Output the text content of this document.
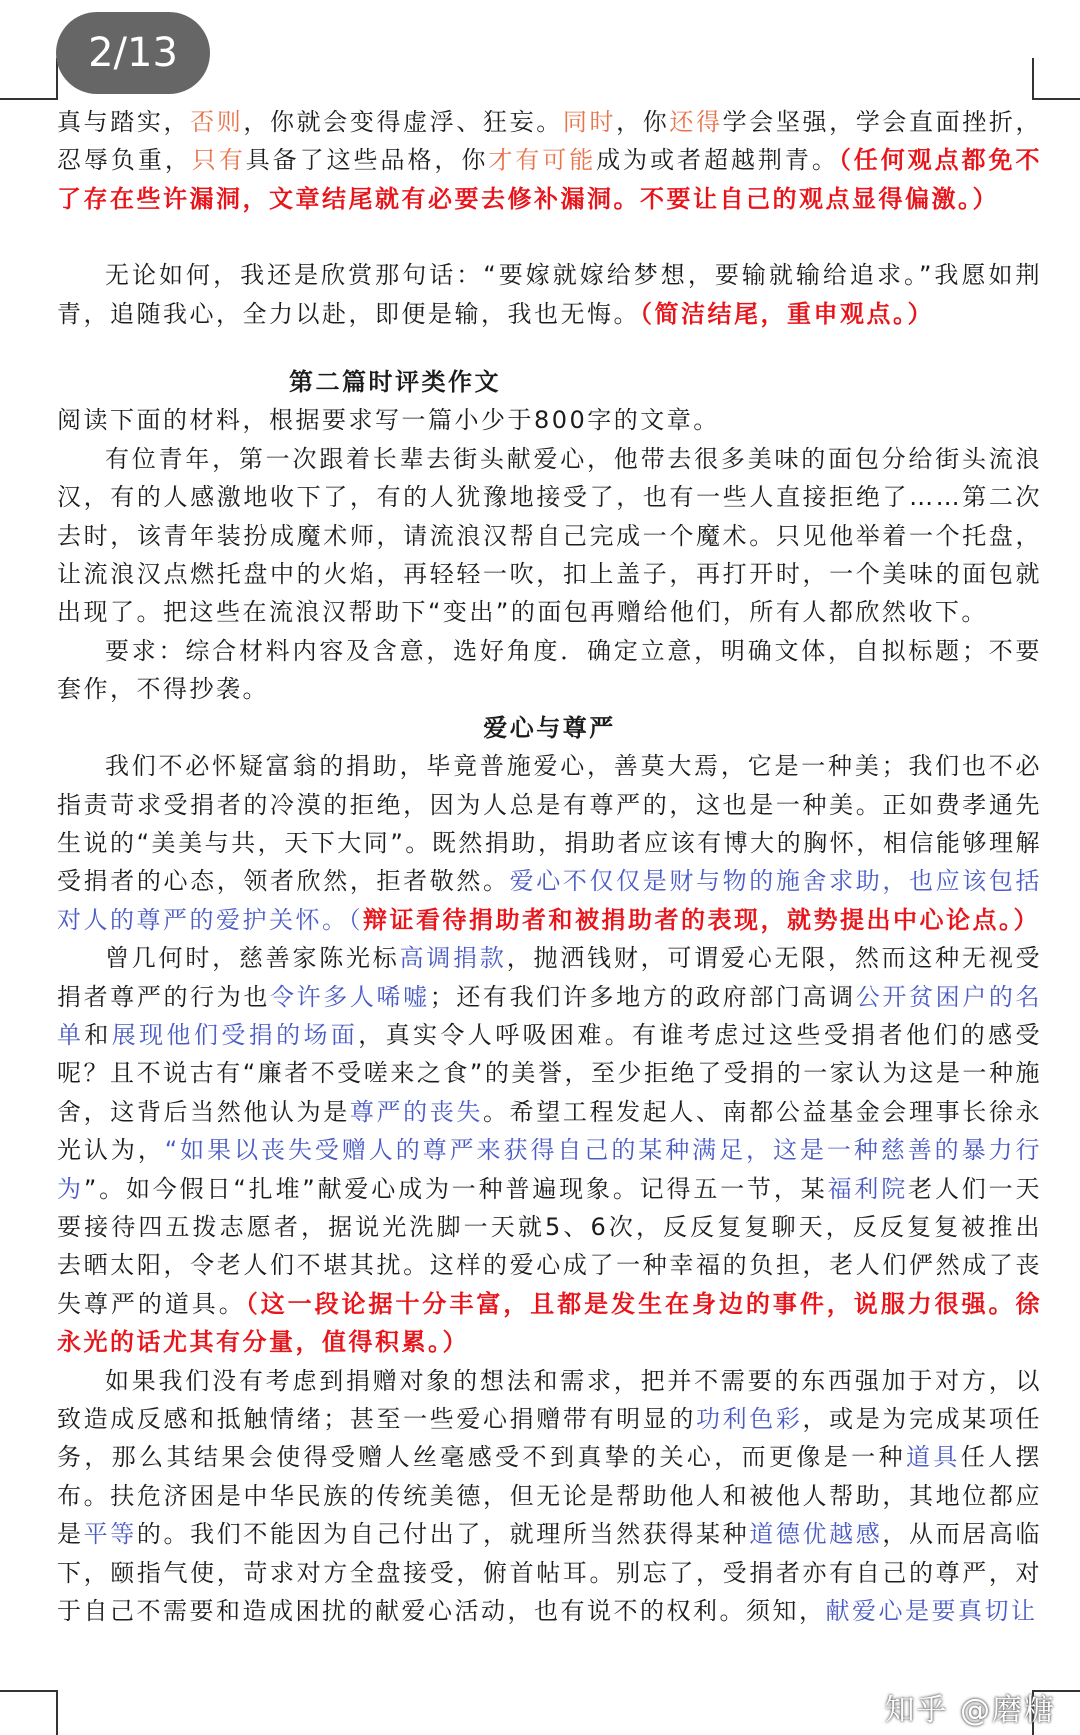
2/13

真与踏实，否则，你就会变得虚浮、狂妄。同时，你还得学会坚强，学会直面挫折，忍辱负重，只有具备了这些品格，你才有可能成为或者超越荆青。（任何观点都免不了存在些许漏洞，文章结尾就有必要去修补漏洞。不要让自己的观点显得偏激。）

无论如何，我还是欣赏那句话：“要嫁就嫁给梦想，要输就输给追求。”我愿如荆青，追随我心，全力以赴，即便是输，我也无悔。（简洁结尾，重申观点。）

第二篇时评类作文

阅读下面的材料，根据要求写一篇小少于800字的文章。

有位青年，第一次跟着长辈去街头献爱心，他带去很多美味的面包分给街头流浪汉，有的人感激地收下了，有的人犹豫地接受了，也有一些人直接拒绝了……第二次去时，该青年装扮成魔术师，请流浪汉帮自己完成一个魔术。只见他举着一个托盘，让流浪汉点燃托盘中的火焰，再轻轻一吹，扣上盖子，再打开时，一个美味的面包就出现了。把这些在流浪汉帮助下“变出”的面包再赠给他们，所有人都欣然收下。

要求：综合材料内容及含意，选好角度．确定立意，明确文体，自拟标题；不要套作，不得抄袭。

爱心与尊严

我们不必怀疑富翁的捐助，毕竟普施爱心，善莫大焉，它是一种美；我们也不必指责苛求受捐者的冷漠的拒绝，因为人总是有尊严的，这也是一种美。正如费孝通先生说的“美美与共，天下大同”。既然捐助，捐助者应该有博大的胸怀，相信能够理解受捐者的心态，领者欣然，拒者敬然。爱心不仅仅是财与物的施舍求助，也应该包括对人的尊严的爱护关怀。（辩证看待捐助者和被捐助者的表现，就势提出中心论点。）

曾几何时，慈善家陈光标高调捐款，抛洒钱财，可谓爱心无限，然而这种无视受捐者尊严的行为也令许多人唏嘘；还有我们许多地方的政府部门高调公开贫困户的名单和展现他们受捐的场面，真实令人呼吸困难。有谁考虑过这些受捐者他们的感受呢？且不说古有“廉者不受嗟来之食”的美誉，至少拒绝了受捐的一家认为这是一种施舍，这背后当然他认为是尊严的丧失。希望工程发起人、南都公益基金会理事长徐永光认为，“如果以丧失受赠人的尊严来获得自己的某种满足，这是一种慈善的暴力行为”。如今假日“扎堆”献爱心成为一种普遍现象。记得五一节，某福利院老人们一天要接待四五拨志愿者，据说光洗脚一天就5、6次，反反复复聊天，反反复复被推出去晒太阳，令老人们不堪其扰。这样的爱心成了一种幸福的负担，老人们俨然成了丧失尊严的道具。（这一段论据十分丰富，且都是发生在身边的事件，说服力很强。徐永光的话尤其有分量，值得积累。）

如果我们没有考虑到捐赠对象的想法和需求，把并不需要的东西强加于对方，以致造成反感和抵触情绪；甚至一些爱心捐赠带有明显的功利色彩，或是为完成某项任务，那么其结果会使得受赠人丝毫感受不到真挚的关心，而更像是一种道具任人摆布。扶危济困是中华民族的传统美德，但无论是帮助他人和被他人帮助，其地位都应是平等的。我们不能因为自己付出了，就理所当然获得某种道德优越感，从而居高临下，颐指气使，苛求对方全盘接受，俯首帖耳。别忘了，受捐者亦有自己的尊严，对于自己不需要和造成困扰的献爱心活动，也有说不的权利。须知，献爱心是要真切让

知乎 @磨糖
